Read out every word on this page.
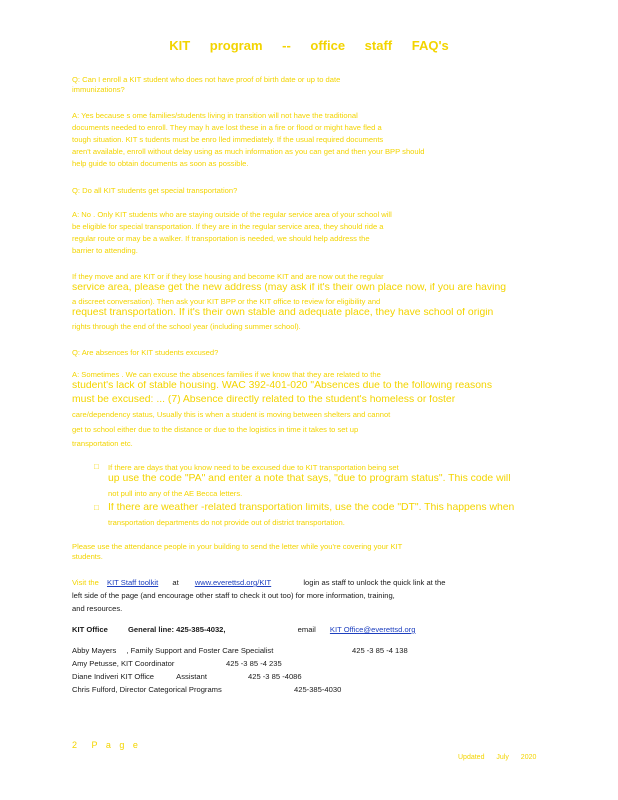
KIT program -- office staff FAQ's
Q: Can I enroll a KIT student who does not have proof of birth date or up to date
immunizations?
A: Yes because s ome families/students living in transition will not have the traditional
documents needed to enroll. They may h ave lost these in a fire or flood or might have fled a
tough situation. KIT s tudents must be enro lled immediately. If the usual required documents
aren't available, enroll without delay using as much information as you can get and then your BPP should
help guide to obtain documents as soon as possible.
Q: Do all KIT students get special transportation?
A: No . Only KIT students who are staying outside of the regular service area of your school will
be eligible for special transportation. If they are in the regular service area, they should ride a
regular route or may be a walker. If transportation is needed, we should help address the
barrier to attending.
If they move and are KIT or if they lose housing and become KIT and are now out the regular
service area, please get the new address (may ask if it's their own place now, if you are having
a discreet conversation). Then ask your KIT BPP or the KIT office to review for eligibility and
request transportation. If it's their own stable and adequate place, they have school of origin
rights through the end of the school year (including summer school).
Q: Are absences for KIT students excused?
A: Sometimes . We can excuse the absences families if we know that they are related to the
student's lack of stable housing. WAC 392-401-020 "Absences due to the following reasons
must be excused: ... (7) Absence directly related to the student's homeless or foster
care/dependency status, Usually this is when a student is moving between shelters and cannot
get to school either due to the distance or due to the logistics in time it takes to set up
transportation etc.
□ If there are days that you know need to be excused due to KIT transportation being set
up use the code "PA" and enter a note that says, "due to program status". This code will
not pull into any of the AE Becca letters.
□ If there are weather -related transportation limits, use the code "DT". This happens when
transportation departments do not provide out of district transportation.
Please use the attendance people in your building to send the letter while you're covering your KIT
students.
Visit the KIT Staff toolkit at www.everettsd.org/KIT	login as staff to unlock the quick link at the
left side of the page (and encourage other staff to check it out too) for more information, training,
and resources.
KIT Office	General line: 425-385-4032,	email KIT Office@everettsd.org
Abby Mayers , Family Support and Foster Care Specialist	425 -3 85 -4 138
Amy Petusse, KIT Coordinator	425 -3 85 -4 235
Diane Indiveri KIT Office	Assistant	425 -3 85 -4086
Chris Fulford, Director Categorical Programs	425-385-4030
2 P a g e
Updated July 2020
